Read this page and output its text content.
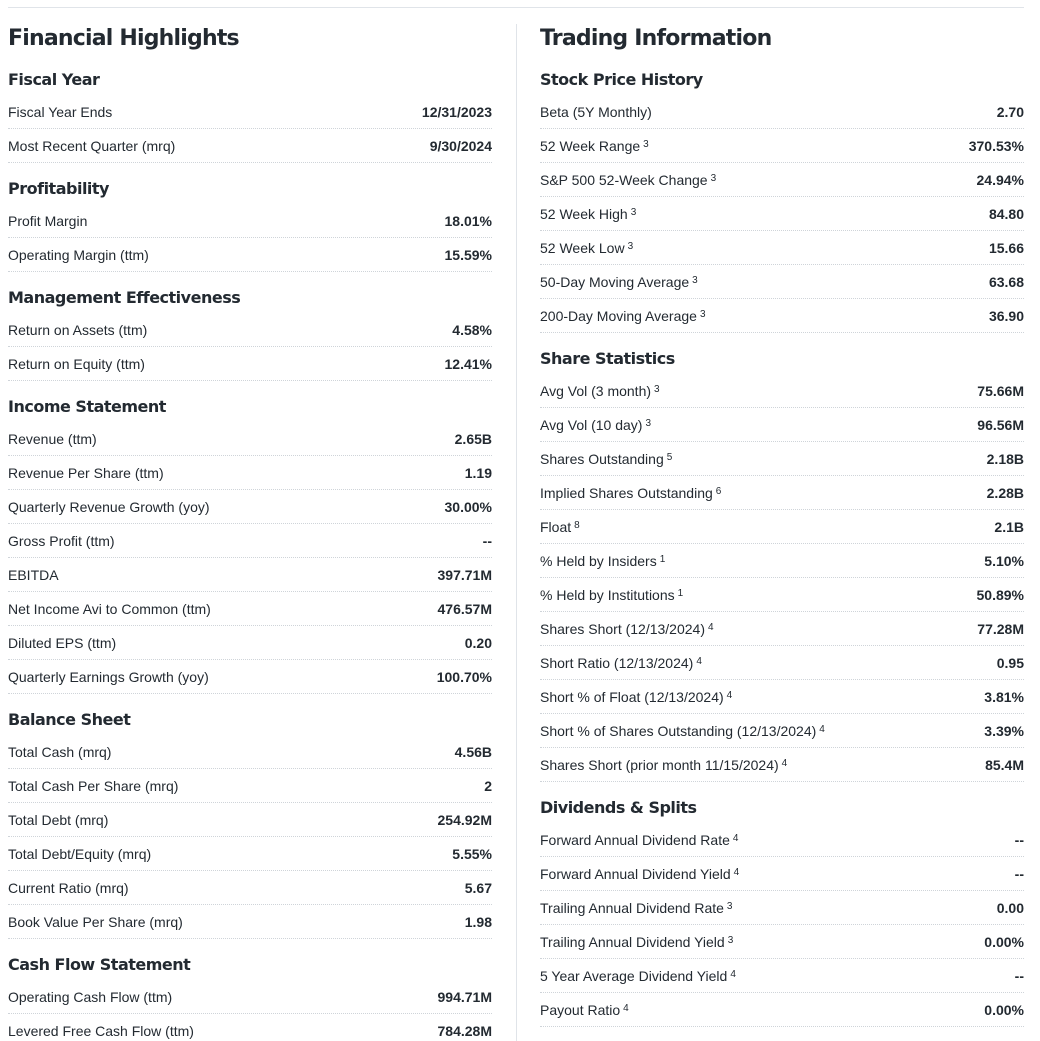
Financial Highlights
Fiscal Year
Fiscal Year Ends	12/31/2023
Most Recent Quarter (mrq)	9/30/2024
Profitability
Profit Margin	18.01%
Operating Margin (ttm)	15.59%
Management Effectiveness
Return on Assets (ttm)	4.58%
Return on Equity (ttm)	12.41%
Income Statement
Revenue (ttm)	2.65B
Revenue Per Share (ttm)	1.19
Quarterly Revenue Growth (yoy)	30.00%
Gross Profit (ttm)	--
EBITDA	397.71M
Net Income Avi to Common (ttm)	476.57M
Diluted EPS (ttm)	0.20
Quarterly Earnings Growth (yoy)	100.70%
Balance Sheet
Total Cash (mrq)	4.56B
Total Cash Per Share (mrq)	2
Total Debt (mrq)	254.92M
Total Debt/Equity (mrq)	5.55%
Current Ratio (mrq)	5.67
Book Value Per Share (mrq)	1.98
Cash Flow Statement
Operating Cash Flow (ttm)	994.71M
Levered Free Cash Flow (ttm)	784.28M
Trading Information
Stock Price History
Beta (5Y Monthly)	2.70
52 Week Range $^3$	370.53%
S&P 500 52-Week Change $^3$	24.94%
52 Week High $^3$	84.80
52 Week Low $^3$	15.66
50-Day Moving Average $^3$	63.68
200-Day Moving Average $^3$	36.90
Share Statistics
Avg Vol (3 month) $^3$	75.66M
Avg Vol (10 day) $^3$	96.56M
Shares Outstanding $^5$	2.18B
Implied Shares Outstanding $^6$	2.28B
Float $^8$	2.1B
% Held by Insiders $^1$	5.10%
% Held by Institutions $^1$	50.89%
Shares Short (12/13/2024) $^4$	77.28M
Short Ratio (12/13/2024) $^4$	0.95
Short % of Float (12/13/2024) $^4$	3.81%
Short % of Shares Outstanding (12/13/2024) $^4$	3.39%
Shares Short (prior month 11/15/2024) $^4$	85.4M
Dividends & Splits
Forward Annual Dividend Rate $^4$	--
Forward Annual Dividend Yield $^4$	--
Trailing Annual Dividend Rate $^3$	0.00
Trailing Annual Dividend Yield $^3$	0.00%
5 Year Average Dividend Yield $^4$	--
Payout Ratio $^4$	0.00%
